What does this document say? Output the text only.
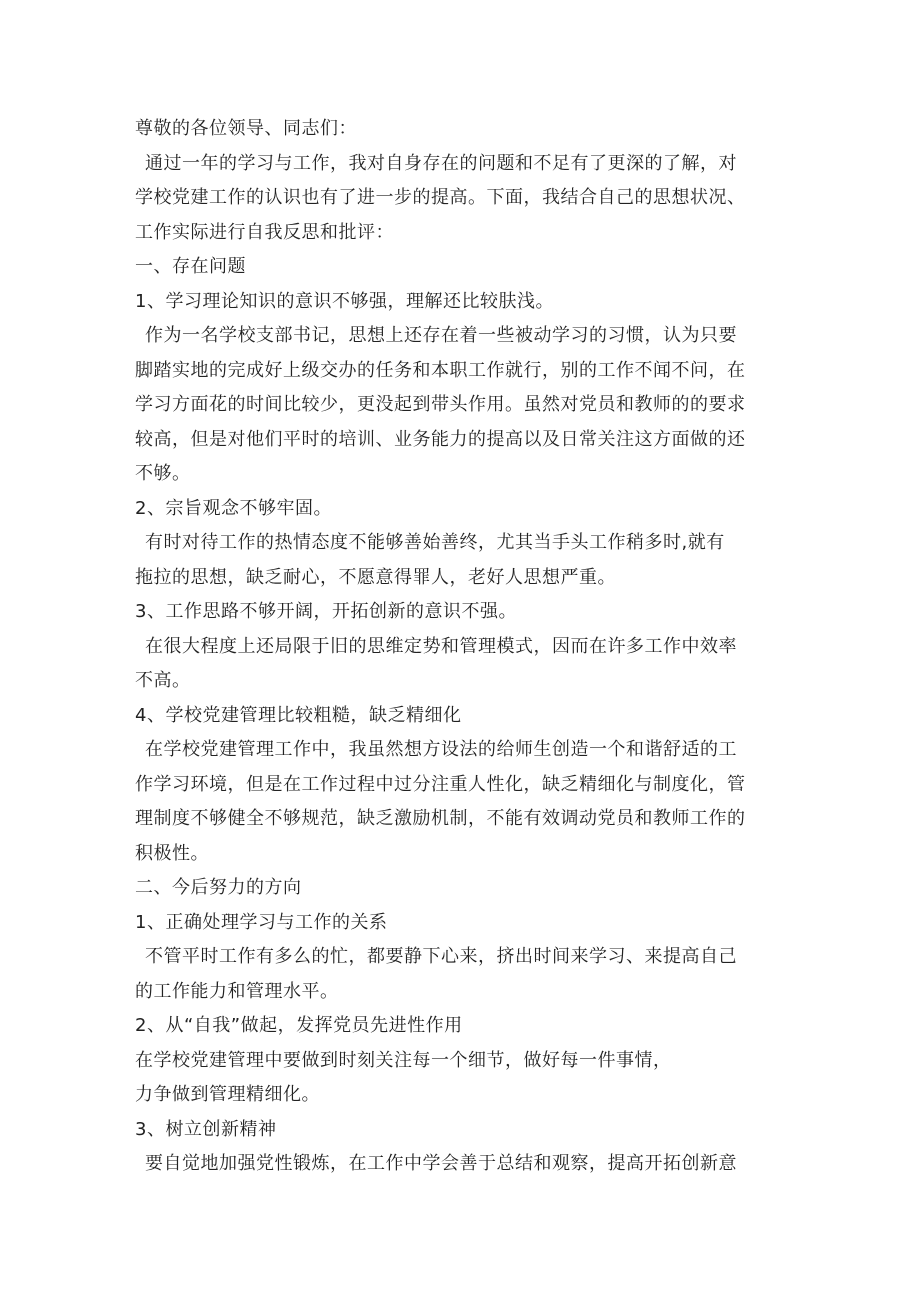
尊敬的各位领导、同志们：
通过一年的学习与工作，我对自身存在的问题和不足有了更深的了解，对
学校党建工作的认识也有了进一步的提高。下面，我结合自己的思想状况、
工作实际进行自我反思和批评：
一、存在问题
1、学习理论知识的意识不够强，理解还比较肤浅。
作为一名学校支部书记，思想上还存在着一些被动学习的习惯，认为只要
脚踏实地的完成好上级交办的任务和本职工作就行，别的工作不闻不问，在
学习方面花的时间比较少，更没起到带头作用。虽然对党员和教师的的要求
较高，但是对他们平时的培训、业务能力的提高以及日常关注这方面做的还
不够。
2、宗旨观念不够牢固。
有时对待工作的热情态度不能够善始善终，尤其当手头工作稍多时,就有
拖拉的思想，缺乏耐心，不愿意得罪人，老好人思想严重。
3、工作思路不够开阔，开拓创新的意识不强。
在很大程度上还局限于旧的思维定势和管理模式，因而在许多工作中效率
不高。
4、学校党建管理比较粗糙，缺乏精细化
在学校党建管理工作中，我虽然想方设法的给师生创造一个和谐舒适的工
作学习环境，但是在工作过程中过分注重人性化，缺乏精细化与制度化，管
理制度不够健全不够规范，缺乏激励机制，不能有效调动党员和教师工作的
积极性。
二、今后努力的方向
1、正确处理学习与工作的关系
不管平时工作有多么的忙，都要静下心来，挤出时间来学习、来提高自己
的工作能力和管理水平。
2、从“自我”做起，发挥党员先进性作用
在学校党建管理中要做到时刻关注每一个细节，做好每一件事情，
力争做到管理精细化。
3、树立创新精神
要自觉地加强党性锻炼，在工作中学会善于总结和观察，提高开拓创新意
